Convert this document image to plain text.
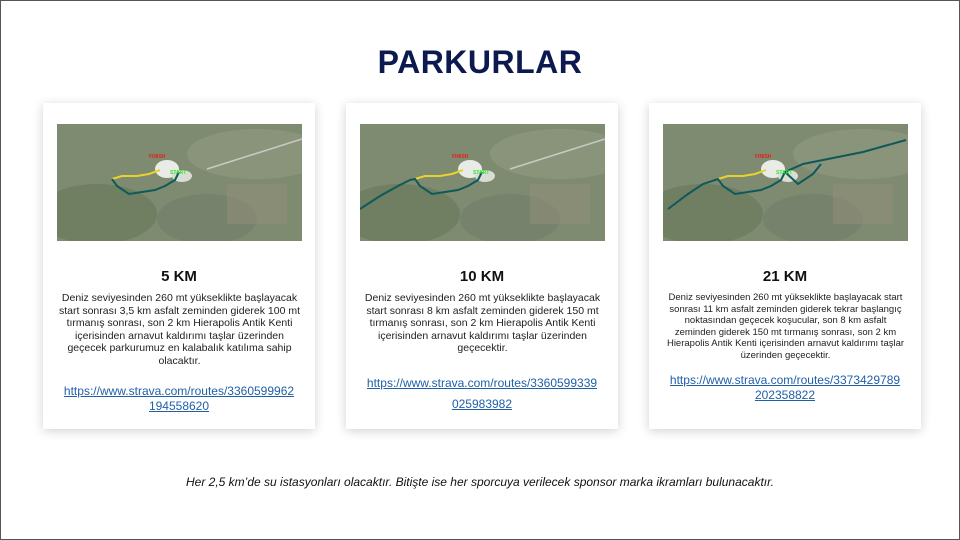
PARKURLAR
FINISH
START
5 KM
Deniz seviyesinden 260 mt yükseklikte başlayacak start sonrası 3,5 km asfalt zeminden giderek 100 mt tırmanış sonrası, son 2 km Hierapolis Antik Kenti içerisinden arnavut kaldırımı taşlar üzerinden geçecek parkurumuz en kalabalık katılıma sahip olacaktır.
https://www.strava.com/routes/3360599962
194558620
FINISH
START
10 KM
Deniz seviyesinden 260 mt yükseklikte başlayacak start sonrası 8 km asfalt zeminden giderek 150 mt tırmanış sonrası, son 2 km Hierapolis Antik Kenti içerisinden arnavut kaldırımı taşlar üzerinden geçecektir.
https://www.strava.com/routes/3360599339
025983982
FINISH
START
21 KM
Deniz seviyesinden 260 mt yükseklikte başlayacak start sonrası 11 km asfalt zeminden giderek tekrar başlangıç noktasından geçecek koşucular, son 8 km asfalt zeminden giderek 150 mt tırmanış sonrası, son 2 km Hierapolis Antik Kenti içerisinden arnavut kaldırımı taşlar üzerinden geçecektir.
https://www.strava.com/routes/3373429789
202358822
Her 2,5 km’de su istasyonları olacaktır. Bitişte ise her sporcuya verilecek sponsor marka ikramları bulunacaktır.
